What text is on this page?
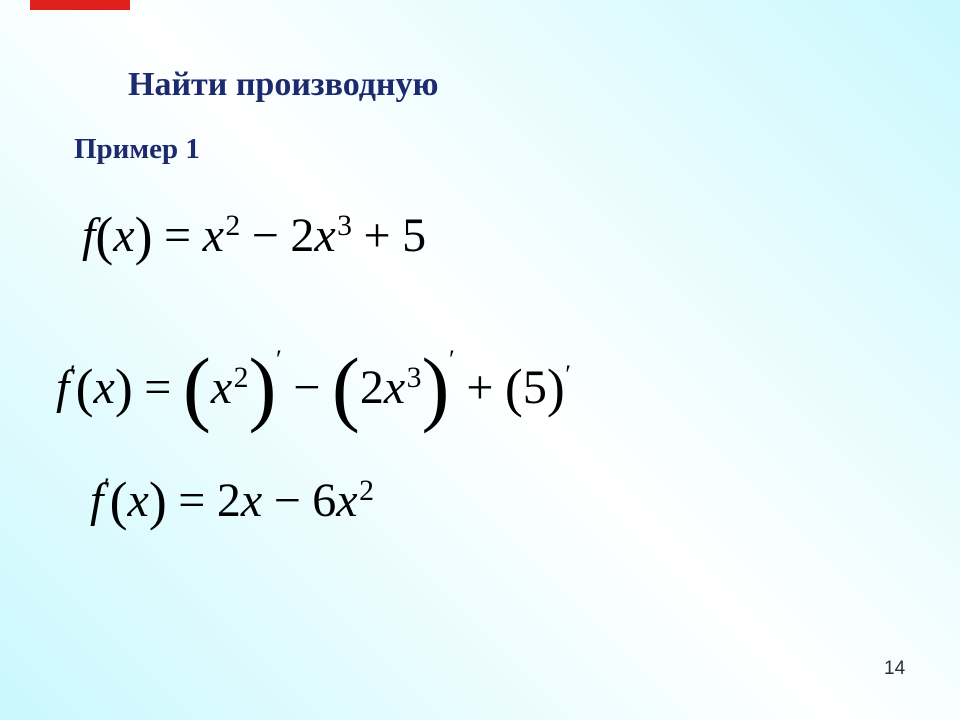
Найти производную
Пример 1
$f(x) = x^2 - 2x^3 + 5$
$f'(x) = (x^2)'- (2x^3)'+ (5)'$
$f'(x) = 2x - 6x^2$
14
